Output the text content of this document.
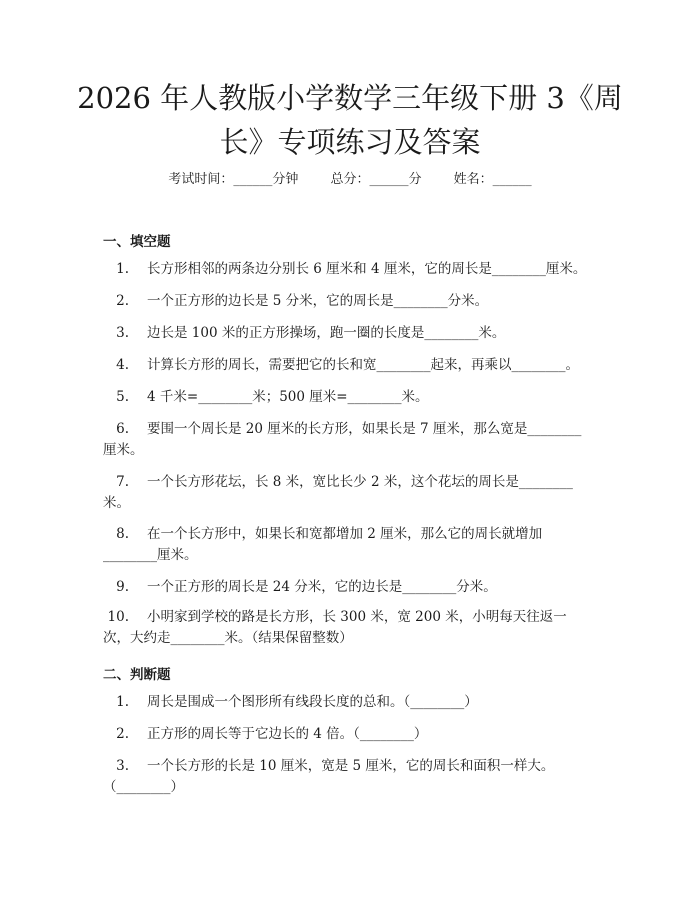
2026 年人教版小学数学三年级下册 3《周
长》专项练习及答案
考试时间：______分钟 总分：______分 姓名：______
一、填空题
1. 长方形相邻的两条边分别长 6 厘米和 4 厘米，它的周长是________厘米。
2. 一个正方形的边长是 5 分米，它的周长是________分米。
3. 边长是 100 米的正方形操场，跑一圈的长度是________米。
4. 计算长方形的周长，需要把它的长和宽________起来，再乘以________。
5. 4 千米=________米；500 厘米=________米。
6. 要围一个周长是 20 厘米的长方形，如果长是 7 厘米，那么宽是________厘米。
7. 一个长方形花坛，长 8 米，宽比长少 2 米，这个花坛的周长是________米。
8. 在一个长方形中，如果长和宽都增加 2 厘米，那么它的周长就增加________厘米。
9. 一个正方形的周长是 24 分米，它的边长是________分米。
10. 小明家到学校的路是长方形，长 300 米，宽 200 米，小明每天往返一次，大约走________米。（结果保留整数）
二、判断题
1. 周长是围成一个图形所有线段长度的总和。（________）
2. 正方形的周长等于它边长的 4 倍。（________）
3. 一个长方形的长是 10 厘米，宽是 5 厘米，它的周长和面积一样大。（________）
